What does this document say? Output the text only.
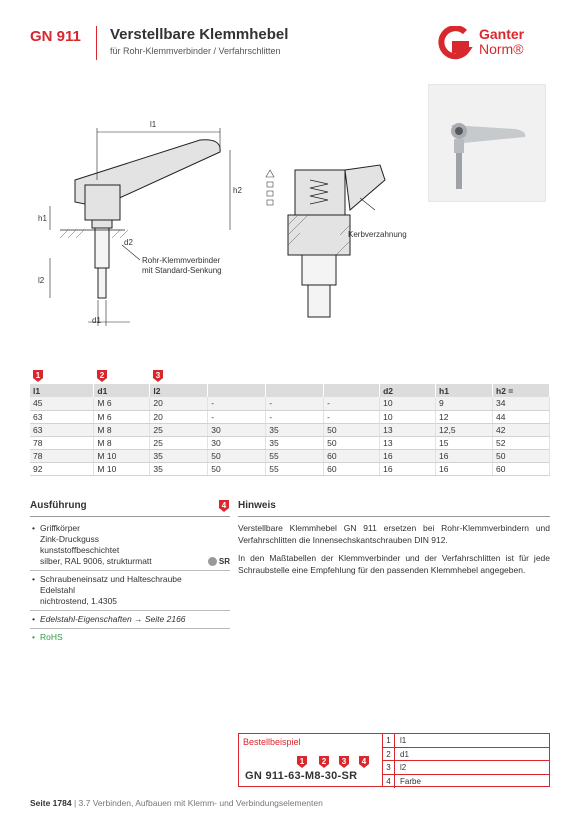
GN 911 Verstellbare Klemmhebel
für Rohr-Klemmverbinder / Verfahrschlitten
Ganter
Norm®
l1
h2
h1
l2
d2
d1
Rohr-Klemmverbinder
mit Standard-Senkung
Kerbverzahnung
1	2	3
l1	d1	l2				d2	h1	h2 =
45	M 6	20	-	-	-	10	9	34
63	M 6	20	-	-	-	10	12	44
63	M 8	25	30	35	50	13	12,5	42
78	M 8	25	30	35	50	13	15	52
78	M 10	35	50	55	60	16	16	50
92	M 10	35	50	55	60	16	16	60
Ausführung	4
• Griffkörper
Zink-Druckguss
kunststoffbeschichtet
silber, RAL 9006, strukturmatt	SR
• Schraubeneinsatz und Halteschraube
Edelstahl
nichtrostend, 1.4305
• Edelstahl-Eigenschaften → Seite 2166
• RoHS
Hinweis

Verstellbare Klemmhebel GN 911 ersetzen bei Rohr-Klemmverbindern und Verfahrschlitten die Innensechskantschrauben DIN 912.

In den Maßtabellen der Klemmverbinder und der Verfahrschlitten ist für jede Schraubstelle eine Empfehlung für den passenden Klemmhebel angegeben.

Bestellbeispiel
1 2 3 4
GN 911-63-M8-30-SR
1	l1
2	d1
3	l2
4	Farbe
Seite 1784 | 3.7 Verbinden, Aufbauen mit Klemm- und Verbindungselementen
